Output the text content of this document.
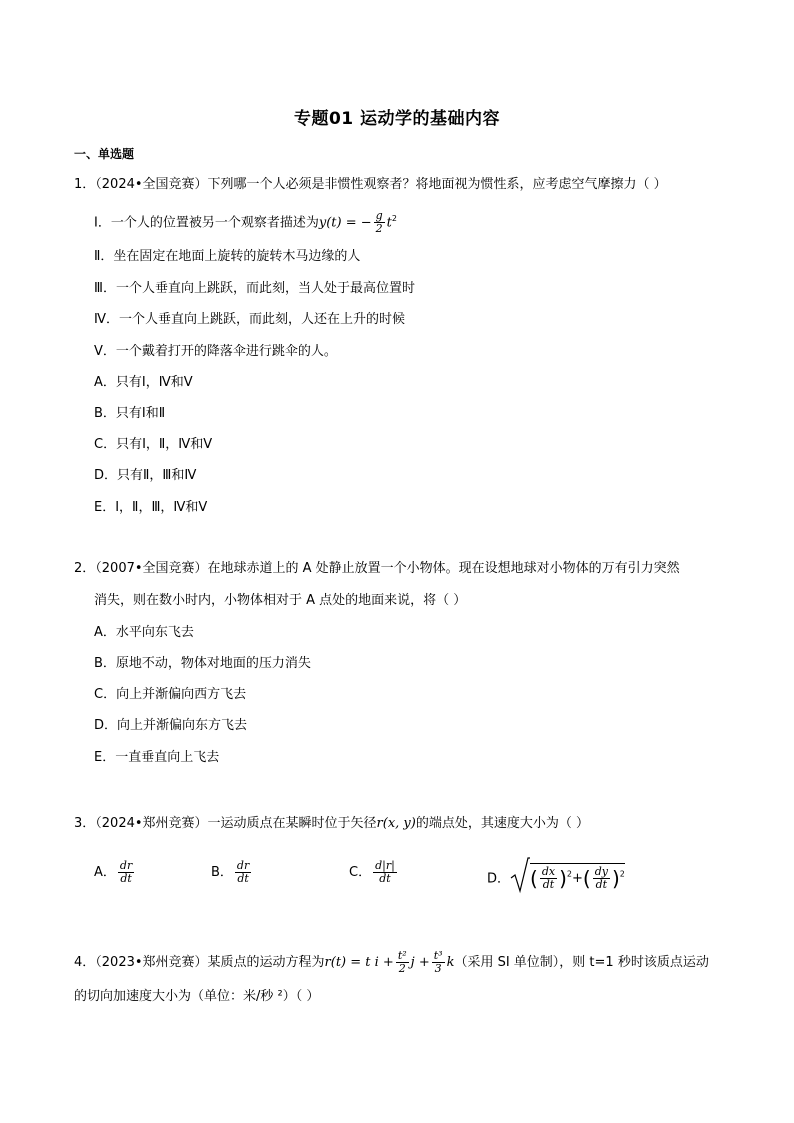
专题01 运动学的基础内容
一、单选题
1．（2024•全国竞赛）下列哪一个人必须是非惯性观察者？将地面视为惯性系，应考虑空气摩擦力（ ）
Ⅰ．一个人的位置被另一个观察者描述为y(t) = − $\frac{g}{2} t^2$
Ⅱ．坐在固定在地面上旋转的旋转木马边缘的人
Ⅲ．一个人垂直向上跳跃，而此刻，当人处于最高位置时
Ⅳ．一个人垂直向上跳跃，而此刻，人还在上升的时候
Ⅴ．一个戴着打开的降落伞进行跳伞的人。
A．只有Ⅰ，Ⅳ和Ⅴ
B．只有Ⅰ和Ⅱ
C．只有Ⅰ，Ⅱ，Ⅳ和Ⅴ
D．只有Ⅱ，Ⅲ和Ⅳ
E．Ⅰ，Ⅱ，Ⅲ，Ⅳ和Ⅴ
2．（2007•全国竞赛）在地球赤道上的 A 处静止放置一个小物体。现在设想地球对小物体的万有引力突然
消失，则在数小时内，小物体相对于 A 点处的地面来说，将（ ）
A．水平向东飞去
B．原地不动，物体对地面的压力消失
C．向上并渐偏向西方飞去
D．向上并渐偏向东方飞去
E．一直垂直向上飞去
3．（2024•郑州竞赛）一运动质点在某瞬时位于矢径r(x, y)的端点处，其速度大小为（ ）
A． $\frac{dr}{dt}$	B． $\frac{dr}{dt}$	C． $\frac{d|r|}{dt}$	D． ( $\frac{dx}{dt} )^2+( \frac{dy}{dt} )^2$
4．（2023•郑州竞赛）某质点的运动方程为r(t) = t $i + \frac{\text{t²}}{2}$ $j + \frac{\text{t³}}{3} k$（采用 SI 单位制），则 t=1 秒时该质点运动
的切向加速度大小为（单位：米/秒 ²）（ ）
